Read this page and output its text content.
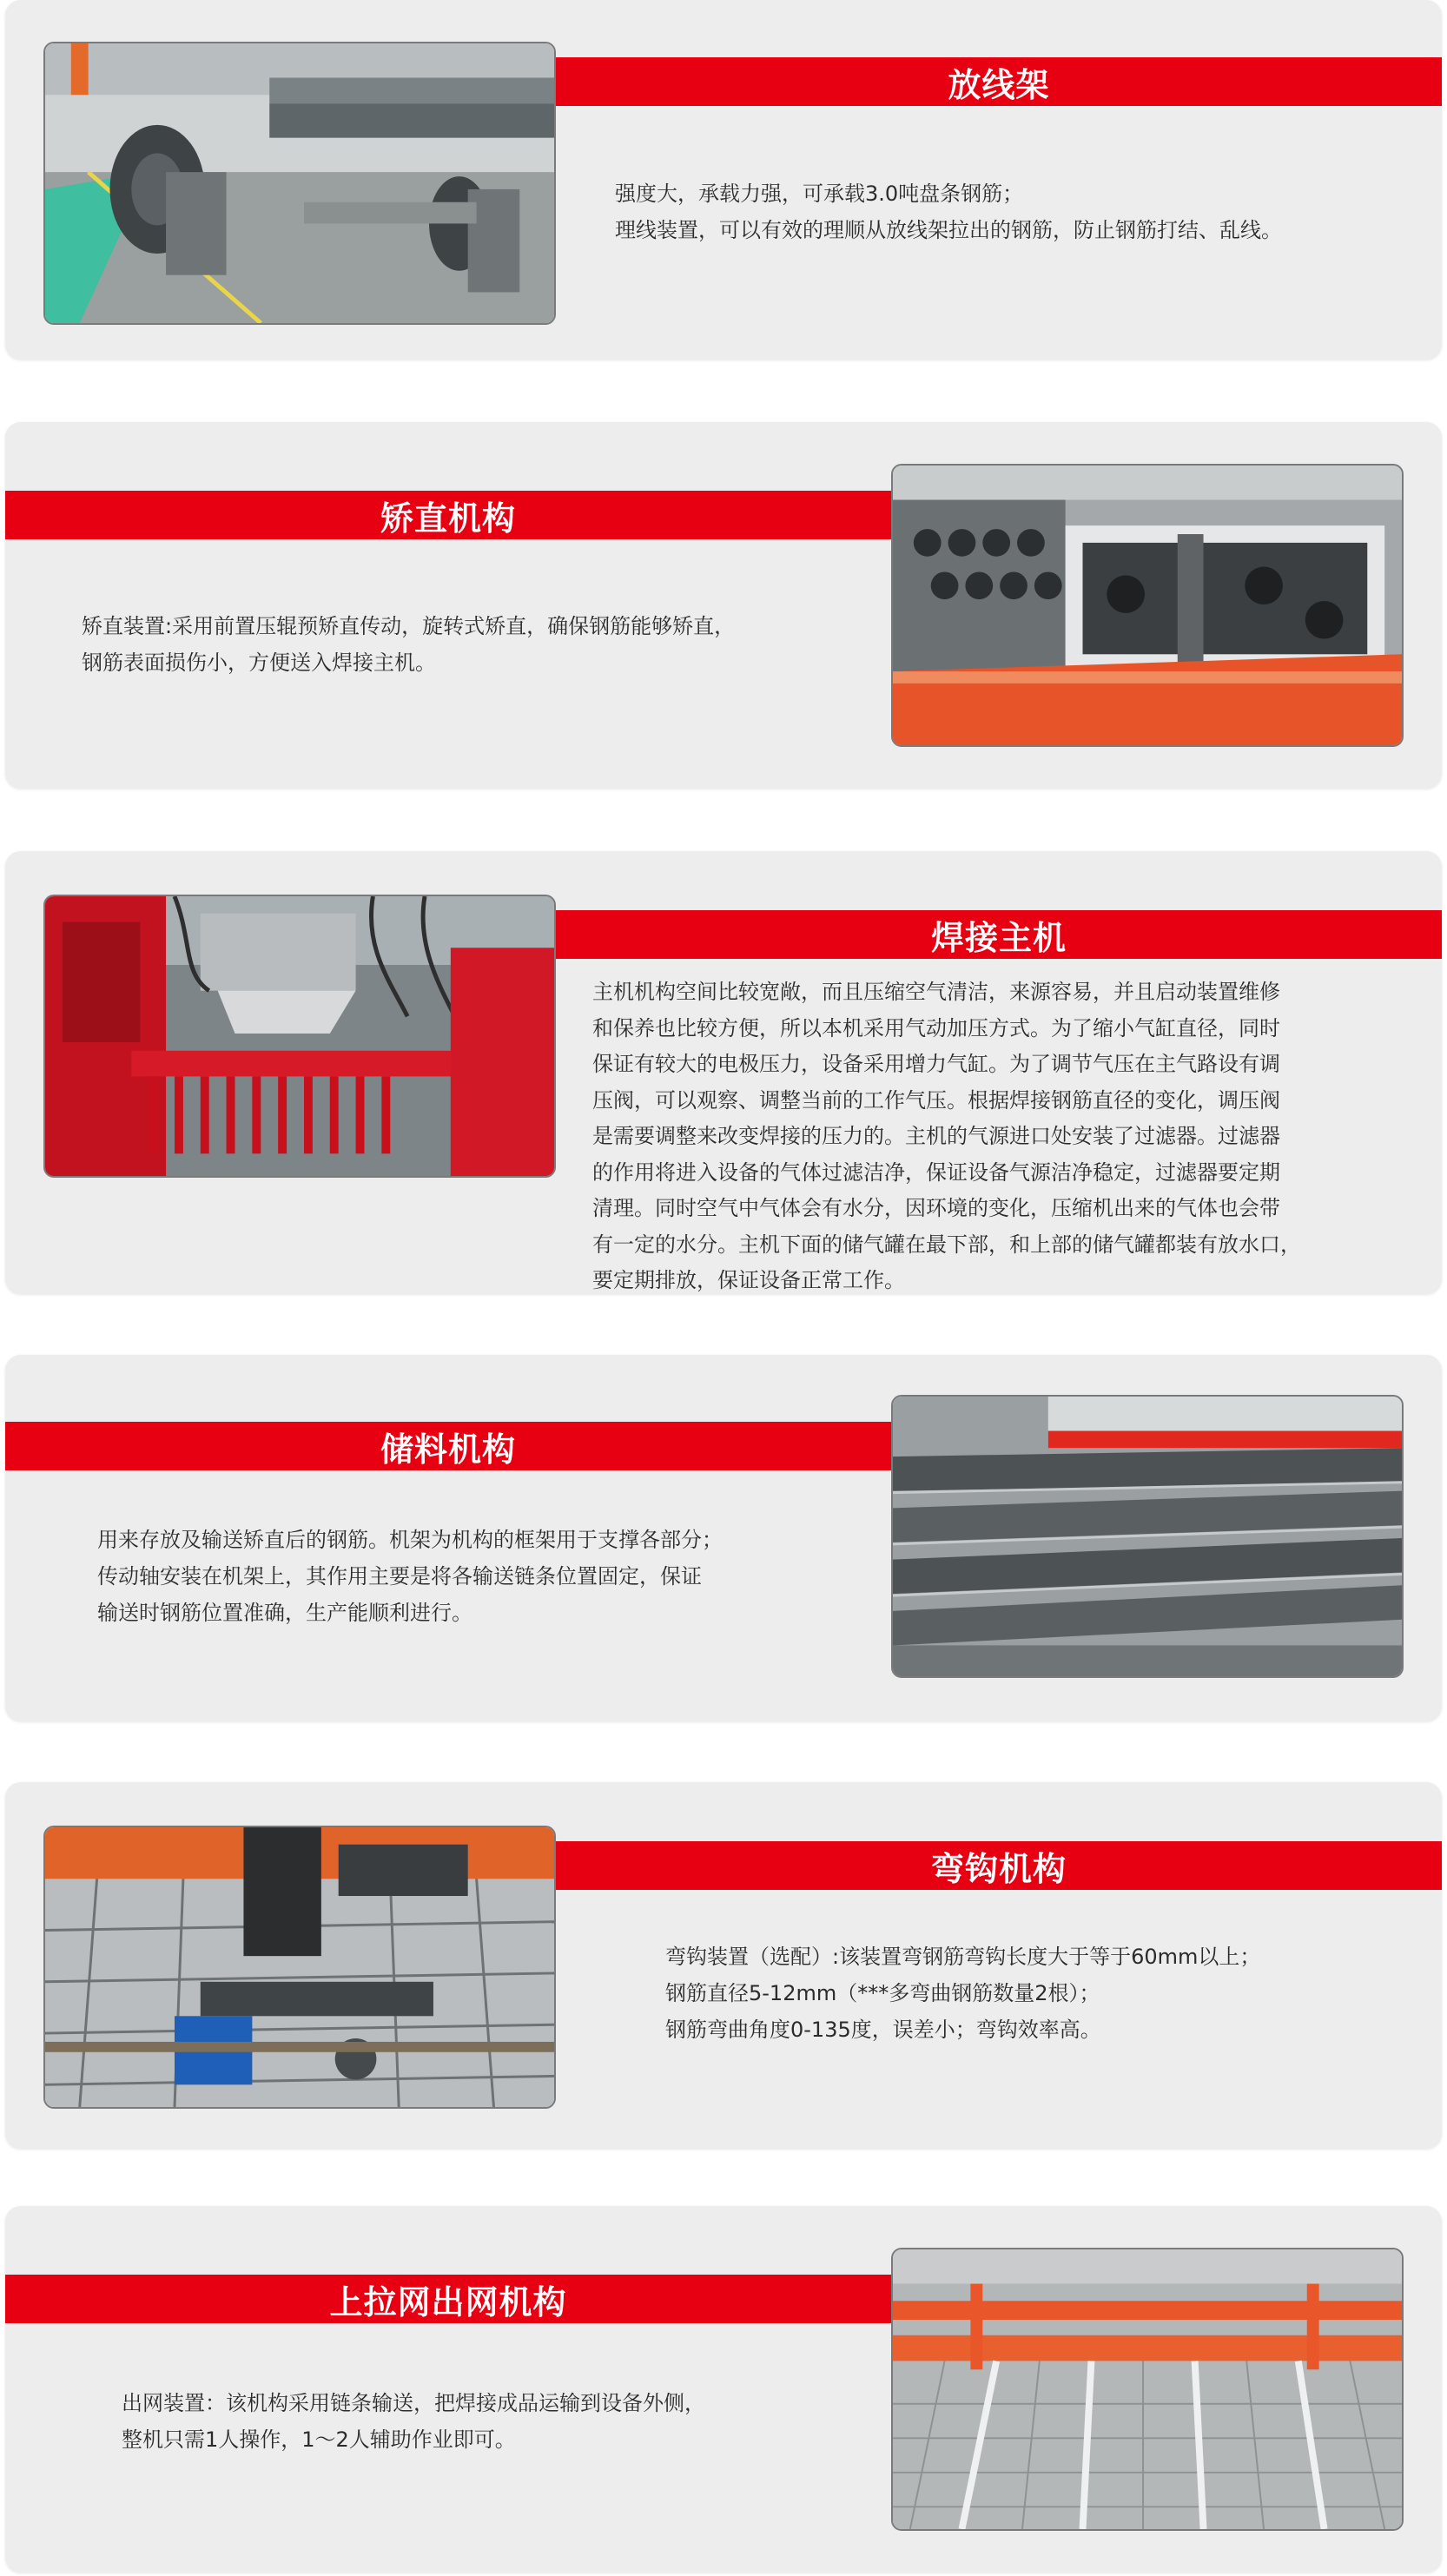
放线架
强度大，承载力强，可承载3.0吨盘条钢筋；
理线装置，可以有效的理顺从放线架拉出的钢筋，防止钢筋打结、乱线。
矫直机构
矫直装置:采用前置压辊预矫直传动，旋转式矫直，确保钢筋能够矫直，
钢筋表面损伤小，方便送入焊接主机。
焊接主机
主机机构空间比较宽敞，而且压缩空气清洁，来源容易，并且启动装置维修
和保养也比较方便，所以本机采用气动加压方式。为了缩小气缸直径，同时
保证有较大的电极压力，设备采用增力气缸。为了调节气压在主气路设有调
压阀，可以观察、调整当前的工作气压。根据焊接钢筋直径的变化，调压阀
是需要调整来改变焊接的压力的。主机的气源进口处安装了过滤器。过滤器
的作用将进入设备的气体过滤洁净，保证设备气源洁净稳定，过滤器要定期
清理。同时空气中气体会有水分，因环境的变化，压缩机出来的气体也会带
有一定的水分。主机下面的储气罐在最下部，和上部的储气罐都装有放水口，
要定期排放，保证设备正常工作。
储料机构
用来存放及输送矫直后的钢筋。机架为机构的框架用于支撑各部分；
传动轴安装在机架上，其作用主要是将各输送链条位置固定，保证
输送时钢筋位置准确，生产能顺利进行。
弯钩机构
弯钩装置（选配）:该装置弯钢筋弯钩长度大于等于60mm以上；
钢筋直径5-12mm（***多弯曲钢筋数量2根）；
钢筋弯曲角度0-135度，误差小；弯钩效率高。
上拉网出网机构
出网装置：该机构采用链条输送，把焊接成品运输到设备外侧，
整机只需1人操作，1～2人辅助作业即可。
